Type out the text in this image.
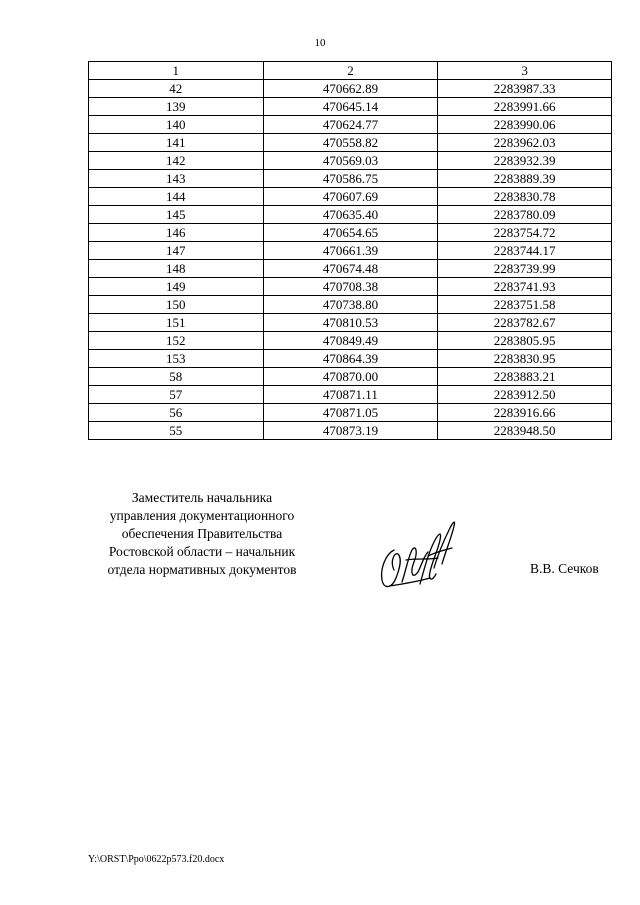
10
1	2	3
42	470662.89	2283987.33
139	470645.14	2283991.66
140	470624.77	2283990.06
141	470558.82	2283962.03
142	470569.03	2283932.39
143	470586.75	2283889.39
144	470607.69	2283830.78
145	470635.40	2283780.09
146	470654.65	2283754.72
147	470661.39	2283744.17
148	470674.48	2283739.99
149	470708.38	2283741.93
150	470738.80	2283751.58
151	470810.53	2283782.67
152	470849.49	2283805.95
153	470864.39	2283830.95
58	470870.00	2283883.21
57	470871.11	2283912.50
56	470871.05	2283916.66
55	470873.19	2283948.50
Заместитель начальника
управления документационного
обеспечения Правительства
Ростовской области – начальник
отдела нормативных документов	В.В. Сечков
Y:\ORST\Ppo\0622p573.f20.docx
